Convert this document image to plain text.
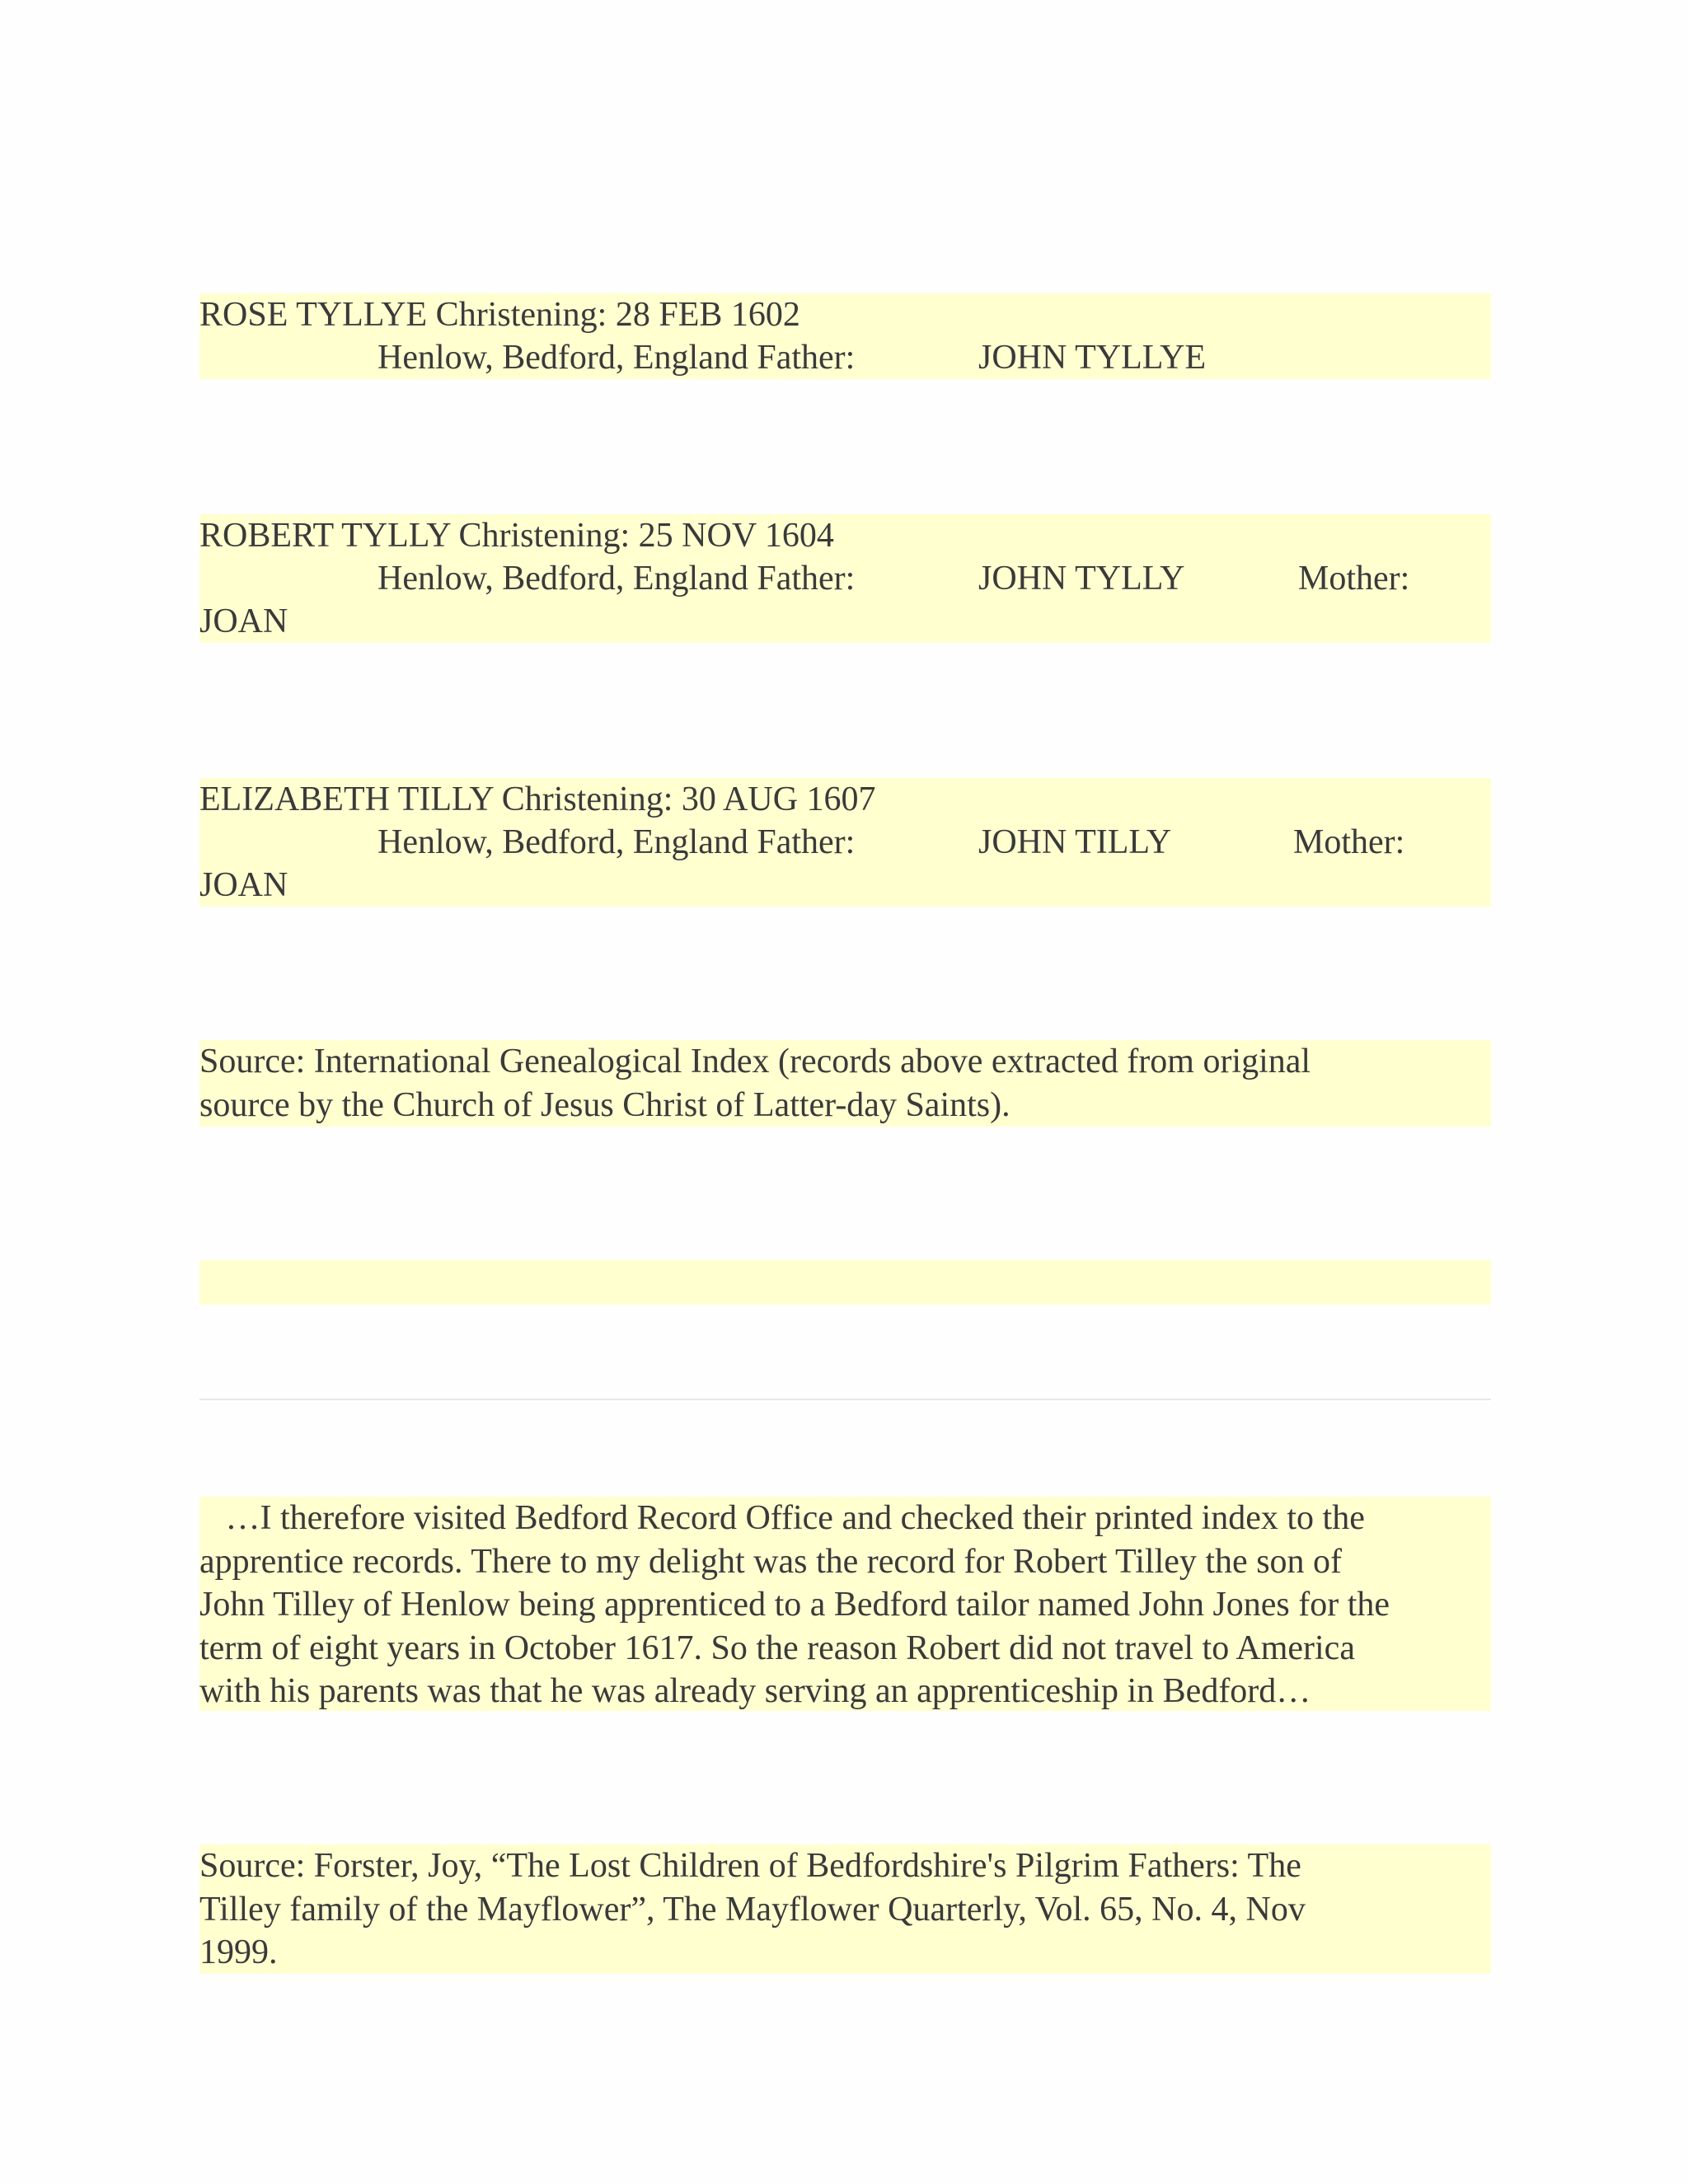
ROSE TYLLYE Christening: 28 FEB 1602
Henlow, Bedford, England Father:	JOHN TYLLYE
ROBERT TYLLY Christening: 25 NOV 1604
Henlow, Bedford, England Father:	JOHN TYLLY	Mother:
JOAN
ELIZABETH TILLY Christening: 30 AUG 1607
Henlow, Bedford, England Father:	JOHN TILLY	Mother:
JOAN
Source: International Genealogical Index (records above extracted from original
source by the Church of Jesus Christ of Latter-day Saints).
…I therefore visited Bedford Record Office and checked their printed index to the
apprentice records. There to my delight was the record for Robert Tilley the son of
John Tilley of Henlow being apprenticed to a Bedford tailor named John Jones for the
term of eight years in October 1617. So the reason Robert did not travel to America
with his parents was that he was already serving an apprenticeship in Bedford…
Source: Forster, Joy, “The Lost Children of Bedfordshire's Pilgrim Fathers: The
Tilley family of the Mayflower”, The Mayflower Quarterly, Vol. 65, No. 4, Nov
1999.
